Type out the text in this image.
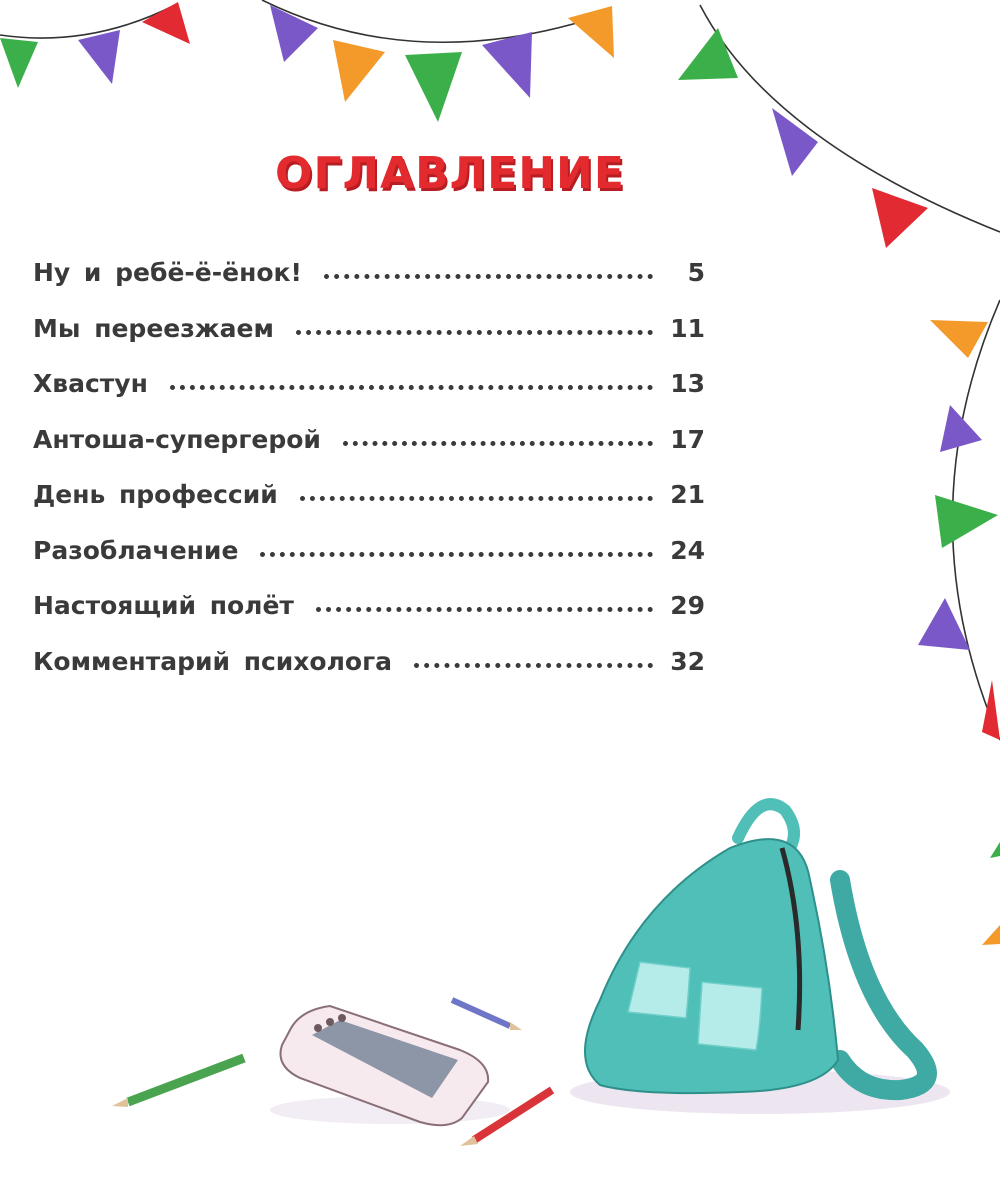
ОГЛАВЛЕНИЕ
Ну и ребё-ё-ёнок!	5
Мы переезжаем	11
Хвастун	13
Антоша-супергерой	17
День профессий	21
Разоблачение	24
Настоящий полёт	29
Комментарий психолога	32
